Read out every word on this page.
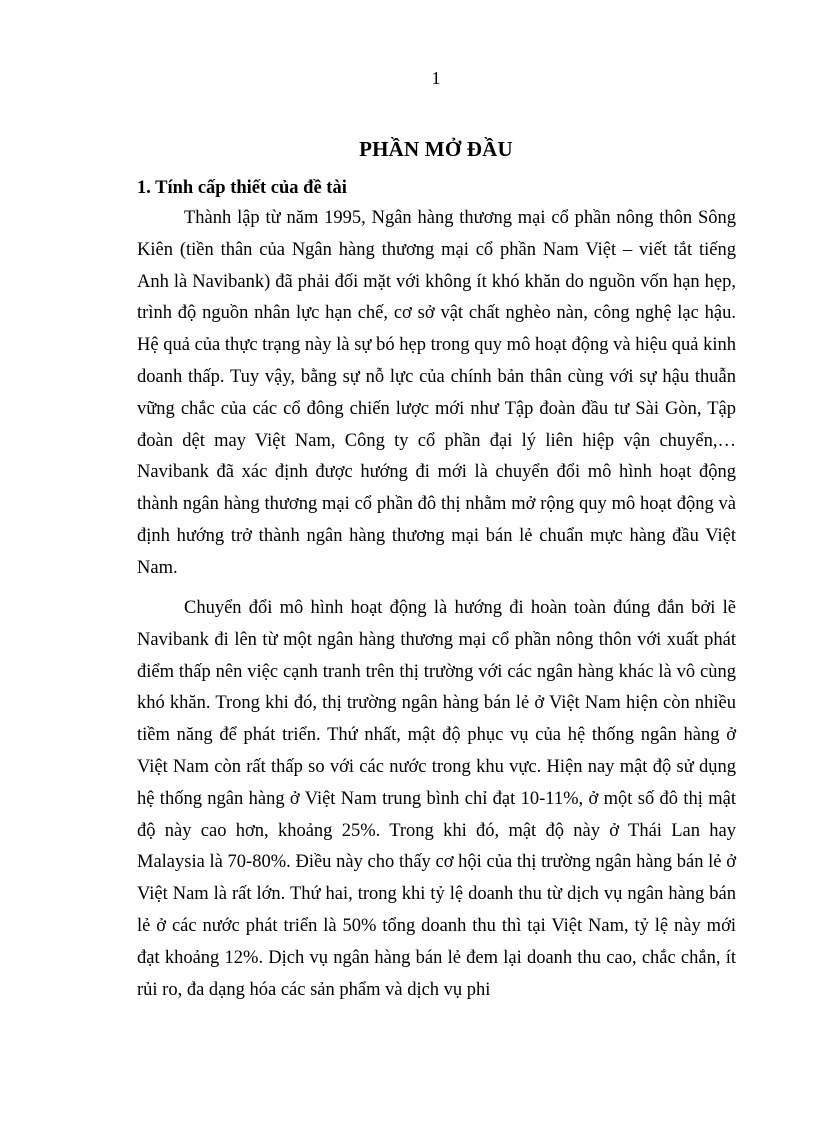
1
PHẦN MỞ ĐẦU
1. Tính cấp thiết của đề tài

Thành lập từ năm 1995, Ngân hàng thương mại cổ phần nông thôn Sông Kiên (tiền thân của Ngân hàng thương mại cổ phần Nam Việt – viết tắt tiếng Anh là Navibank) đã phải đối mặt với không ít khó khăn do nguồn vốn hạn hẹp, trình độ nguồn nhân lực hạn chế, cơ sở vật chất nghèo nàn, công nghệ lạc hậu. Hệ quả của thực trạng này là sự bó hẹp trong quy mô hoạt động và hiệu quả kinh doanh thấp. Tuy vậy, bằng sự nỗ lực của chính bản thân cùng với sự hậu thuẫn vững chắc của các cổ đông chiến lược mới như Tập đoàn đầu tư Sài Gòn, Tập đoàn dệt may Việt Nam, Công ty cổ phần đại lý liên hiệp vận chuyển,… Navibank đã xác định được hướng đi mới là chuyển đổi mô hình hoạt động thành ngân hàng thương mại cổ phần đô thị nhằm mở rộng quy mô hoạt động và định hướng trở thành ngân hàng thương mại bán lẻ chuẩn mực hàng đầu Việt Nam.

Chuyển đổi mô hình hoạt động là hướng đi hoàn toàn đúng đắn bởi lẽ Navibank đi lên từ một ngân hàng thương mại cổ phần nông thôn với xuất phát điểm thấp nên việc cạnh tranh trên thị trường với các ngân hàng khác là vô cùng khó khăn. Trong khi đó, thị trường ngân hàng bán lẻ ở Việt Nam hiện còn nhiều tiềm năng để phát triển. Thứ nhất, mật độ phục vụ của hệ thống ngân hàng ở Việt Nam còn rất thấp so với các nước trong khu vực. Hiện nay mật độ sử dụng hệ thống ngân hàng ở Việt Nam trung bình chỉ đạt 10-11%, ở một số đô thị mật độ này cao hơn, khoảng 25%. Trong khi đó, mật độ này ở Thái Lan hay Malaysia là 70-80%. Điều này cho thấy cơ hội của thị trường ngân hàng bán lẻ ở Việt Nam là rất lớn. Thứ hai, trong khi tỷ lệ doanh thu từ dịch vụ ngân hàng bán lẻ ở các nước phát triển là 50% tổng doanh thu thì tại Việt Nam, tỷ lệ này mới đạt khoảng 12%. Dịch vụ ngân hàng bán lẻ đem lại doanh thu cao, chắc chắn, ít rủi ro, đa dạng hóa các sản phẩm và dịch vụ phi
